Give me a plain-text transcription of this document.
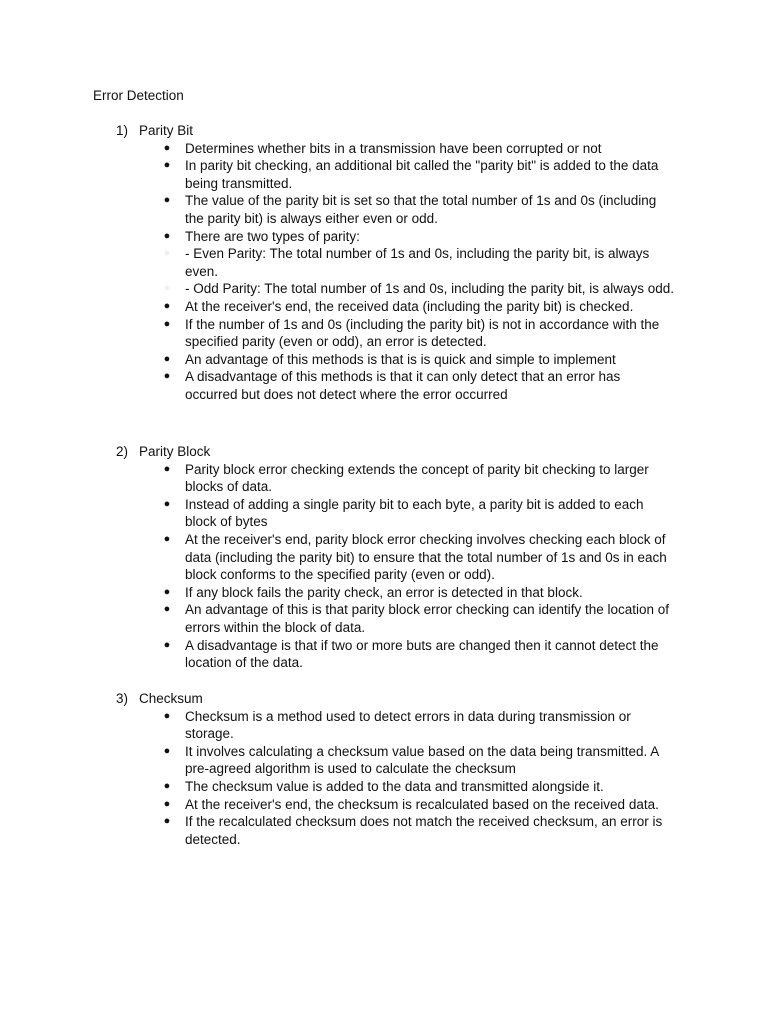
Error Detection
1) Parity Bit
● Determines whether bits in a transmission have been corrupted or not
● In parity bit checking, an additional bit called the "parity bit" is added to the data being transmitted.
● The value of the parity bit is set so that the total number of 1s and 0s (including the parity bit) is always either even or odd.
● There are two types of parity:
● - Even Parity: The total number of 1s and 0s, including the parity bit, is always even.
● - Odd Parity: The total number of 1s and 0s, including the parity bit, is always odd.
● At the receiver's end, the received data (including the parity bit) is checked.
● If the number of 1s and 0s (including the parity bit) is not in accordance with the specified parity (even or odd), an error is detected.
● An advantage of this methods is that is is quick and simple to implement
● A disadvantage of this methods is that it can only detect that an error has occurred but does not detect where the error occurred
2) Parity Block
● Parity block error checking extends the concept of parity bit checking to larger blocks of data.
● Instead of adding a single parity bit to each byte, a parity bit is added to each block of bytes
● At the receiver's end, parity block error checking involves checking each block of data (including the parity bit) to ensure that the total number of 1s and 0s in each block conforms to the specified parity (even or odd).
● If any block fails the parity check, an error is detected in that block.
● An advantage of this is that parity block error checking can identify the location of errors within the block of data.
● A disadvantage is that if two or more buts are changed then it cannot detect the location of the data.
3) Checksum
● Checksum is a method used to detect errors in data during transmission or storage.
● It involves calculating a checksum value based on the data being transmitted. A pre-agreed algorithm is used to calculate the checksum
● The checksum value is added to the data and transmitted alongside it.
● At the receiver's end, the checksum is recalculated based on the received data.
● If the recalculated checksum does not match the received checksum, an error is detected.
